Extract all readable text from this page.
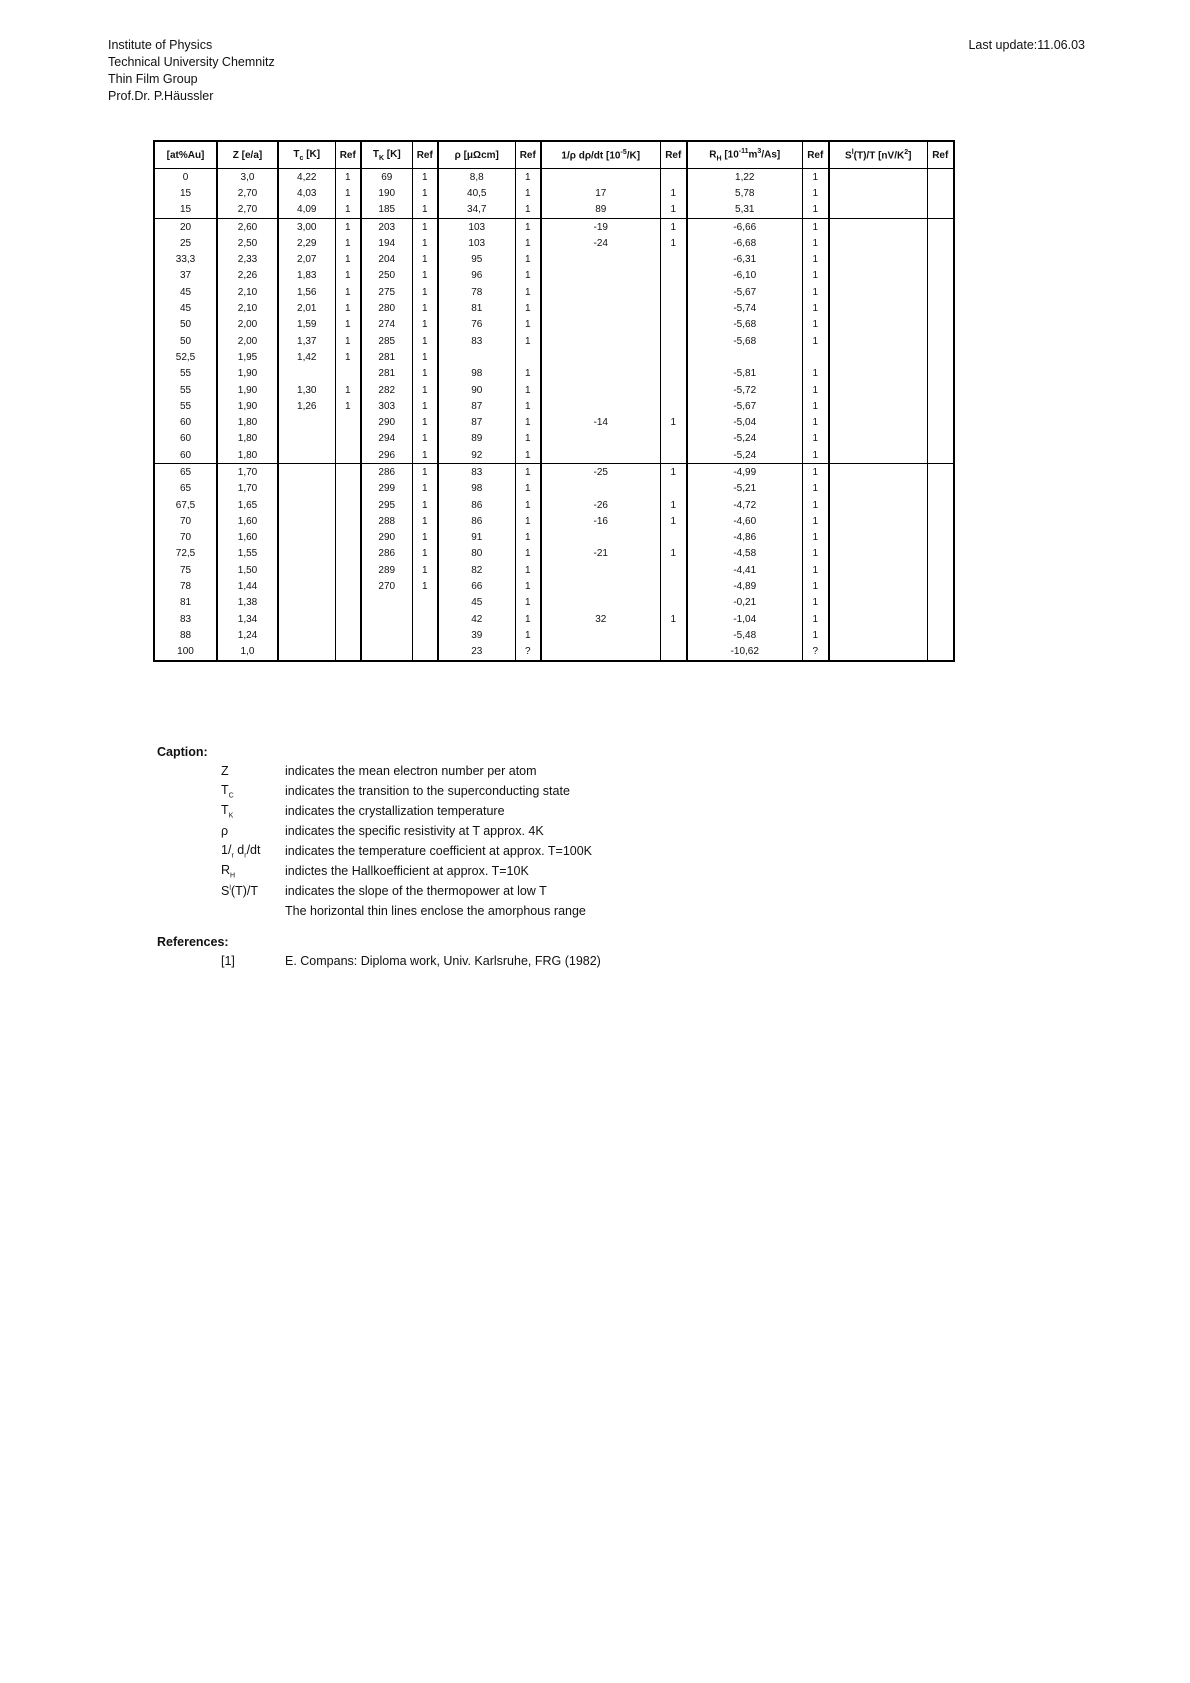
Institute of Physics
Technical University Chemnitz
Thin Film Group
Prof.Dr. P.Häussler
Last update:11.06.03
[at%Au]	Z [e/a]	$T_c$ [K]	Ref	$T_K$ [K]	Ref	ρ [μΩcm]	Ref	1/ρ dρ/dt $[10^{-5}/K]$	Ref	$R_H$ $[10^{-11}m^3/As]$	Ref	$S^l(T)/T$ $[nV/K^2]$	Ref
0	3,0	4,22	1	69	1	8,8	1			1,22	1		
15	2,70	4,03	1	190	1	40,5	1	17	1	5,78	1		
15	2,70	4,09	1	185	1	34,7	1	89	1	5,31	1		
20	2,60	3,00	1	203	1	103	1	-19	1	-6,66	1		
25	2,50	2,29	1	194	1	103	1	-24	1	-6,68	1		
33,3	2,33	2,07	1	204	1	95	1			-6,31	1		
37	2,26	1,83	1	250	1	96	1			-6,10	1		
45	2,10	1,56	1	275	1	78	1			-5,67	1		
45	2,10	2,01	1	280	1	81	1			-5,74	1		
50	2,00	1,59	1	274	1	76	1			-5,68	1		
50	2,00	1,37	1	285	1	83	1			-5,68	1		
52,5	1,95	1,42	1	281	1								
55	1,90			281	1	98	1			-5,81	1		
55	1,90	1,30	1	282	1	90	1			-5,72	1		
55	1,90	1,26	1	303	1	87	1			-5,67	1		
60	1,80			290	1	87	1	-14	1	-5,04	1		
60	1,80			294	1	89	1			-5,24	1		
60	1,80			296	1	92	1			-5,24	1		
65	1,70			286	1	83	1	-25	1	-4,99	1		
65	1,70			299	1	98	1			-5,21	1		
67,5	1,65			295	1	86	1	-26	1	-4,72	1		
70	1,60			288	1	86	1	-16	1	-4,60	1		
70	1,60			290	1	91	1			-4,86	1		
72,5	1,55			286	1	80	1	-21	1	-4,58	1		
75	1,50			289	1	82	1			-4,41	1		
78	1,44			270	1	66	1			-4,89	1		
81	1,38					45	1			-0,21	1		
83	1,34					42	1	32	1	-1,04	1		
88	1,24					39	1			-5,48	1		
100	1,0					23	?			-10,62	?		
Caption:
Z	indicates the mean electron number per atom
$T_C$	indicates the transition to the superconducting state
$T_K$	indicates the crystallization temperature
ρ	indicates the specific resistivity at T approx. 4K
$1/_r$ $d_r/dt$	indicates the temperature coefficient at approx. T=100K
$R_H$	indictes the Hallkoefficient at approx. T=10K
$S^l(T)/T$	indicates the slope of the thermopower at low T
The horizontal thin lines enclose the amorphous range
References:
[1]	E. Compans: Diploma work, Univ. Karlsruhe, FRG (1982)
